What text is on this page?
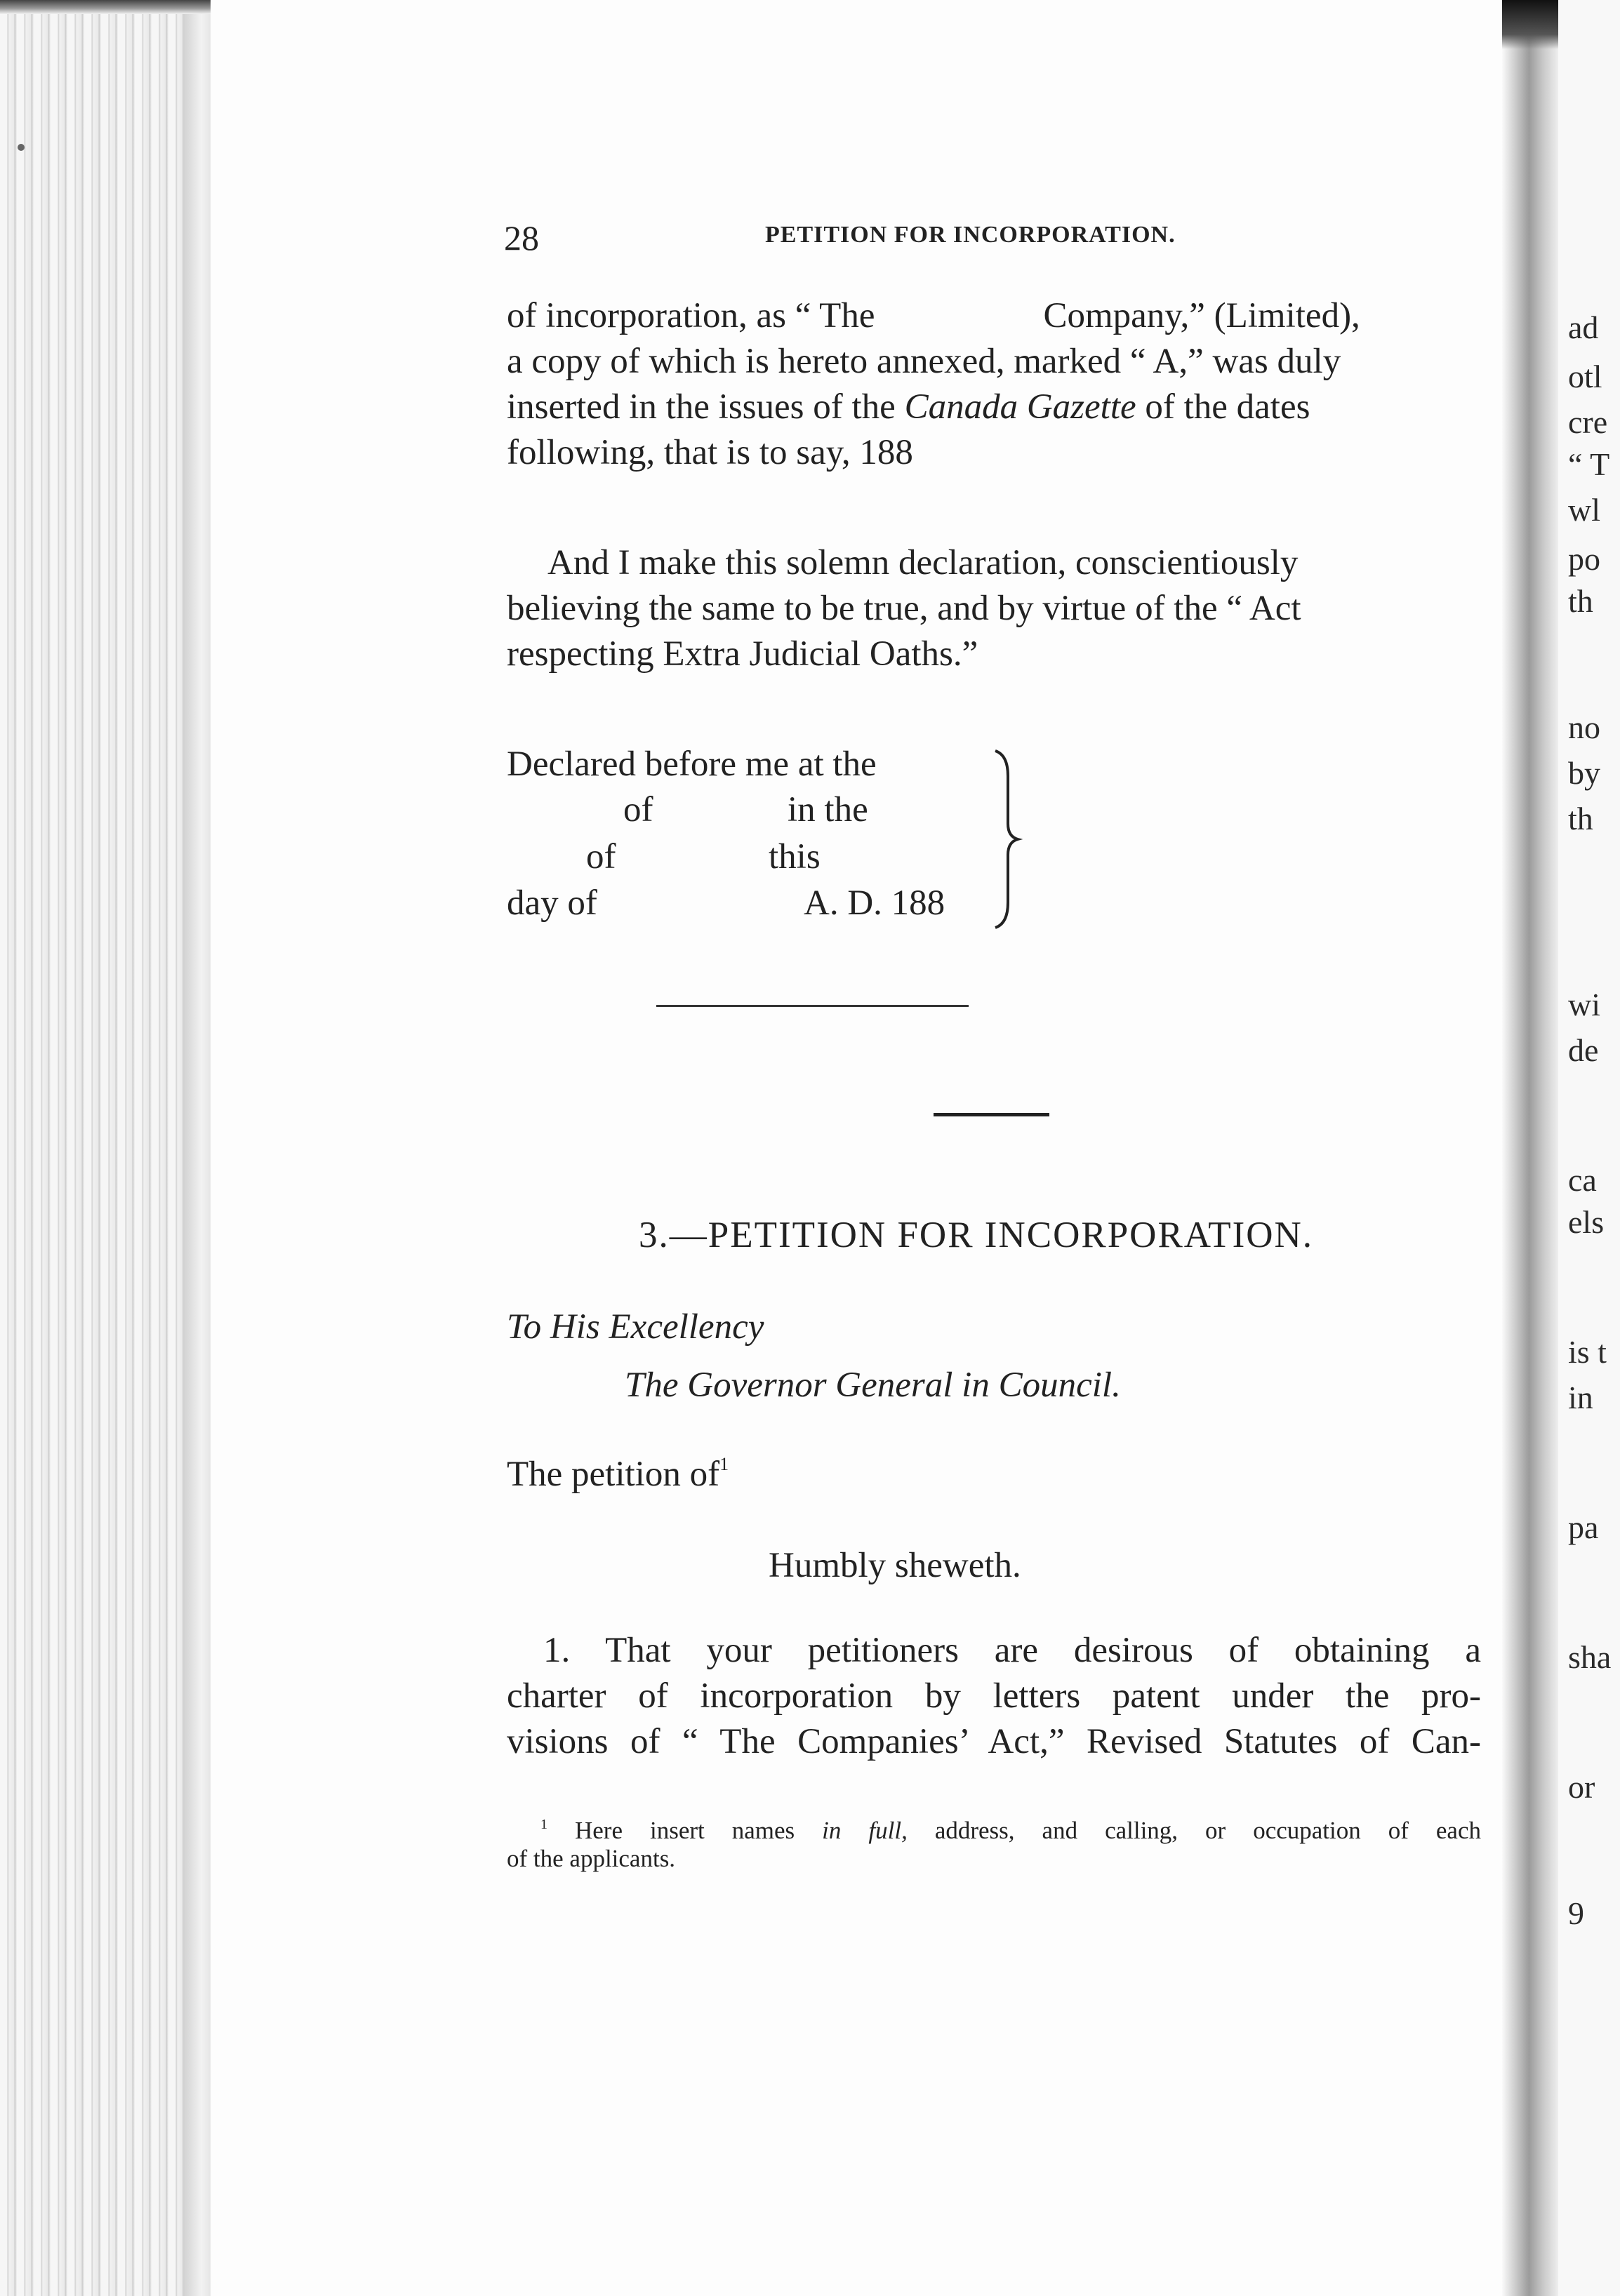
ad
otl
cre
“ T
wl
po
th
no
by
th
wi
de
ca
els
is t
in
pa
sha
or
9
28	PETITION FOR INCORPORATION.
of incorporation, as “ The	Company,” (Limited),
a copy of which is hereto annexed, marked “ A,” was duly
inserted in the issues of the Canada Gazette of the dates
following, that is to say, 188
And I make this solemn declaration, conscientiously
believing the same to be true, and by virtue of the “ Act
respecting Extra Judicial Oaths.”
Declared before me at the
of	in the
of	this
day of	A. D. 188
3.—PETITION FOR INCORPORATION.
To His Excellency
The Governor General in Council.
The petition $of^1$
Humbly sheweth.
1. That your petitioners are desirous of obtaining a
charter of incorporation by letters patent under the pro-
visions of “ The Companies’ Act,” Revised Statutes of Can-
$^1$ Here insert names in full, address, and calling, or occupation of each
of the applicants.
